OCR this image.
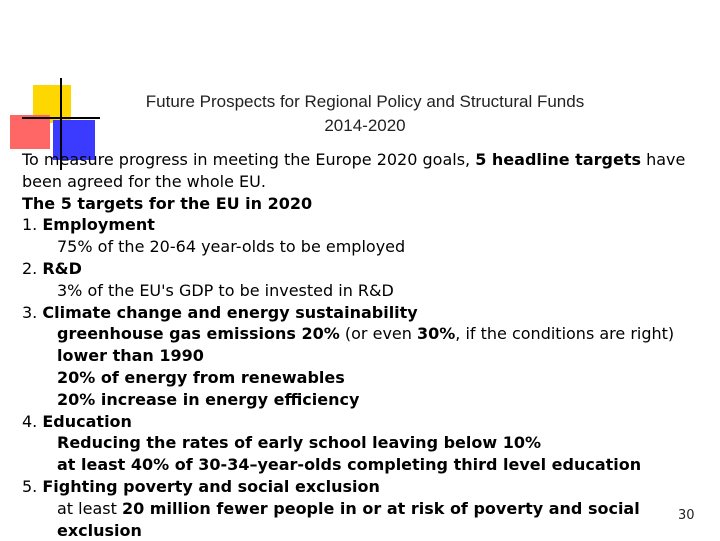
Future Prospects for Regional Policy and Structural Funds
2014-2020
To measure progress in meeting the Europe 2020 goals, 5 headline targets have been agreed for the whole EU.
The 5 targets for the EU in 2020
1. Employment
75% of the 20-64 year-olds to be employed
2. R&D
3% of the EU's GDP to be invested in R&D
3. Climate change and energy sustainability
greenhouse gas emissions 20% (or even 30%, if the conditions are right)
lower than 1990
20% of energy from renewables
20% increase in energy efficiency
4. Education
Reducing the rates of early school leaving below 10%
at least 40% of 30-34–year-olds completing third level education
5. Fighting poverty and social exclusion
at least 20 million fewer people in or at risk of poverty and social
exclusion
30
